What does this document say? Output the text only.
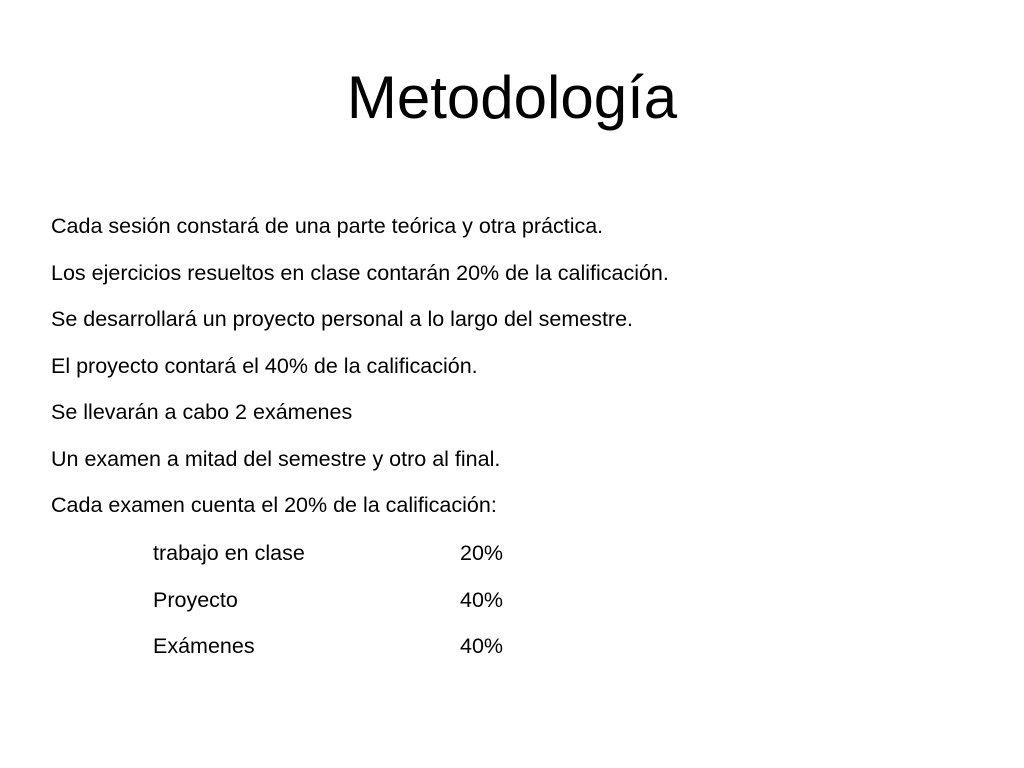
Metodología
Cada sesión constará de una parte teórica y otra práctica.
Los ejercicios resueltos en clase contarán 20% de la calificación.
Se desarrollará un proyecto personal a lo largo del semestre.
El proyecto contará el 40% de la calificación.
Se llevarán a cabo 2 exámenes
Un examen a mitad del semestre y otro al final.
Cada examen cuenta el 20% de la calificación:
trabajo en clase	20%
Proyecto	40%
Exámenes	40%
